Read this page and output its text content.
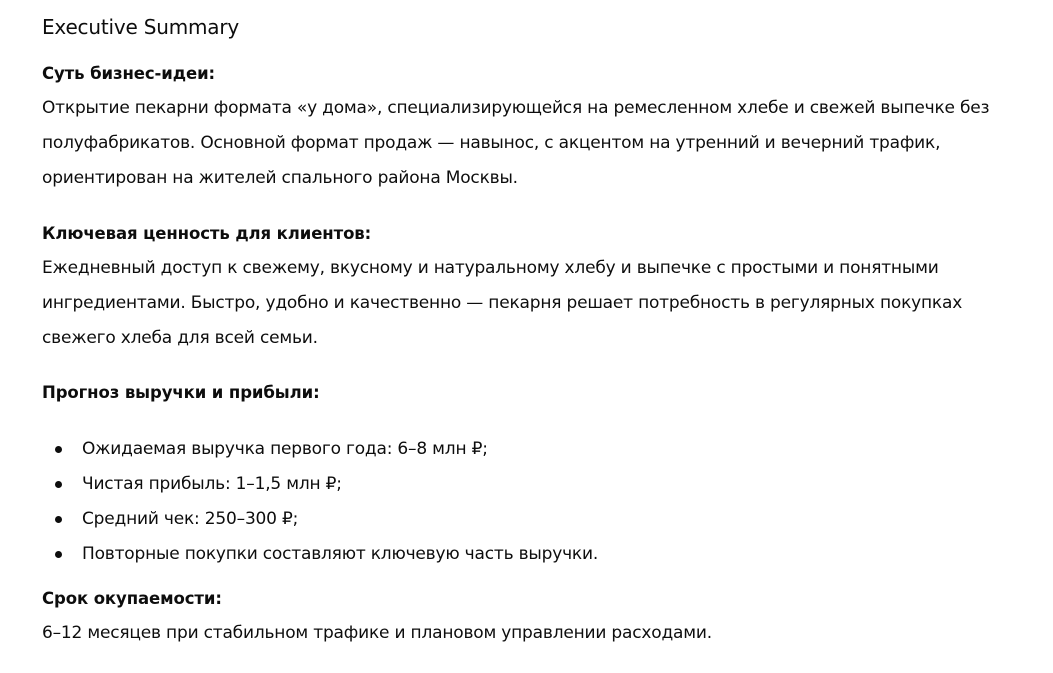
Executive Summary

Суть бизнес-идеи:

Открытие пекарни формата «у дома», специализирующейся на ремесленном хлебе и свежей выпечке без полуфабрикатов. Основной формат продаж — навынос, с акцентом на утренний и вечерний трафик, ориентирован на жителей спального района Москвы.

Ключевая ценность для клиентов:

Ежедневный доступ к свежему, вкусному и натуральному хлебу и выпечке с простыми и понятными ингредиентами. Быстро, удобно и качественно — пекарня решает потребность в регулярных покупках свежего хлеба для всей семьи.

Прогноз выручки и прибыли:

Ожидаемая выручка первого года: 6–8 млн ₽;
Чистая прибыль: 1–1,5 млн ₽;
Средний чек: 250–300 ₽;
Повторные покупки составляют ключевую часть выручки.

Срок окупаемости:

6–12 месяцев при стабильном трафике и плановом управлении расходами.
